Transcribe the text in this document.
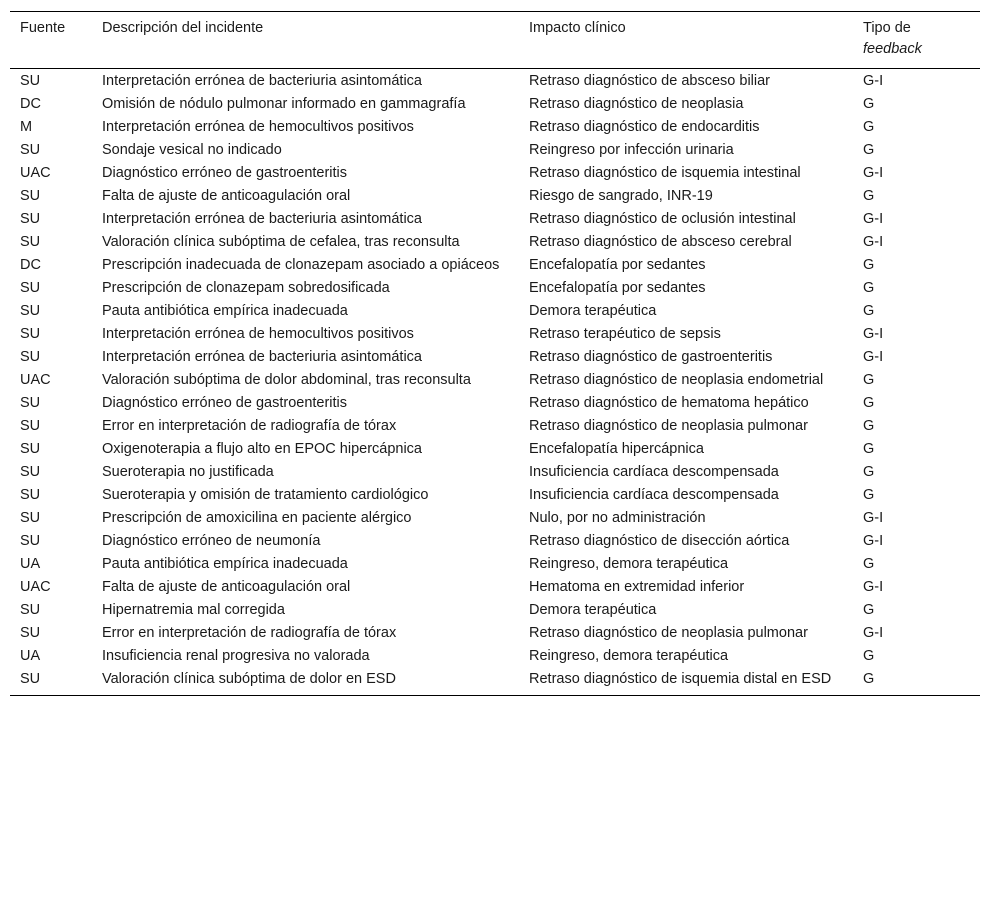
Fuente	Descripción del incidente	Impacto clínico	Tipo de
feedback
SU	Interpretación errónea de bacteriuria asintomática	Retraso diagnóstico de absceso biliar	G-I
DC	Omisión de nódulo pulmonar informado en gammagrafía	Retraso diagnóstico de neoplasia	G
M	Interpretación errónea de hemocultivos positivos	Retraso diagnóstico de endocarditis	G
SU	Sondaje vesical no indicado	Reingreso por infección urinaria	G
UAC	Diagnóstico erróneo de gastroenteritis	Retraso diagnóstico de isquemia intestinal	G-I
SU	Falta de ajuste de anticoagulación oral	Riesgo de sangrado, INR-19	G
SU	Interpretación errónea de bacteriuria asintomática	Retraso diagnóstico de oclusión intestinal	G-I
SU	Valoración clínica subóptima de cefalea, tras reconsulta	Retraso diagnóstico de absceso cerebral	G-I
DC	Prescripción inadecuada de clonazepam asociado a opiáceos	Encefalopatía por sedantes	G
SU	Prescripción de clonazepam sobredosificada	Encefalopatía por sedantes	G
SU	Pauta antibiótica empírica inadecuada	Demora terapéutica	G
SU	Interpretación errónea de hemocultivos positivos	Retraso terapéutico de sepsis	G-I
SU	Interpretación errónea de bacteriuria asintomática	Retraso diagnóstico de gastroenteritis	G-I
UAC	Valoración subóptima de dolor abdominal, tras reconsulta	Retraso diagnóstico de neoplasia endometrial	G
SU	Diagnóstico erróneo de gastroenteritis	Retraso diagnóstico de hematoma hepático	G
SU	Error en interpretación de radiografía de tórax	Retraso diagnóstico de neoplasia pulmonar	G
SU	Oxigenoterapia a flujo alto en EPOC hipercápnica	Encefalopatía hipercápnica	G
SU	Sueroterapia no justificada	Insuficiencia cardíaca descompensada	G
SU	Sueroterapia y omisión de tratamiento cardiológico	Insuficiencia cardíaca descompensada	G
SU	Prescripción de amoxicilina en paciente alérgico	Nulo, por no administración	G-I
SU	Diagnóstico erróneo de neumonía	Retraso diagnóstico de disección aórtica	G-I
UA	Pauta antibiótica empírica inadecuada	Reingreso, demora terapéutica	G
UAC	Falta de ajuste de anticoagulación oral	Hematoma en extremidad inferior	G-I
SU	Hipernatremia mal corregida	Demora terapéutica	G
SU	Error en interpretación de radiografía de tórax	Retraso diagnóstico de neoplasia pulmonar	G-I
UA	Insuficiencia renal progresiva no valorada	Reingreso, demora terapéutica	G
SU	Valoración clínica subóptima de dolor en ESD	Retraso diagnóstico de isquemia distal en ESD	G
